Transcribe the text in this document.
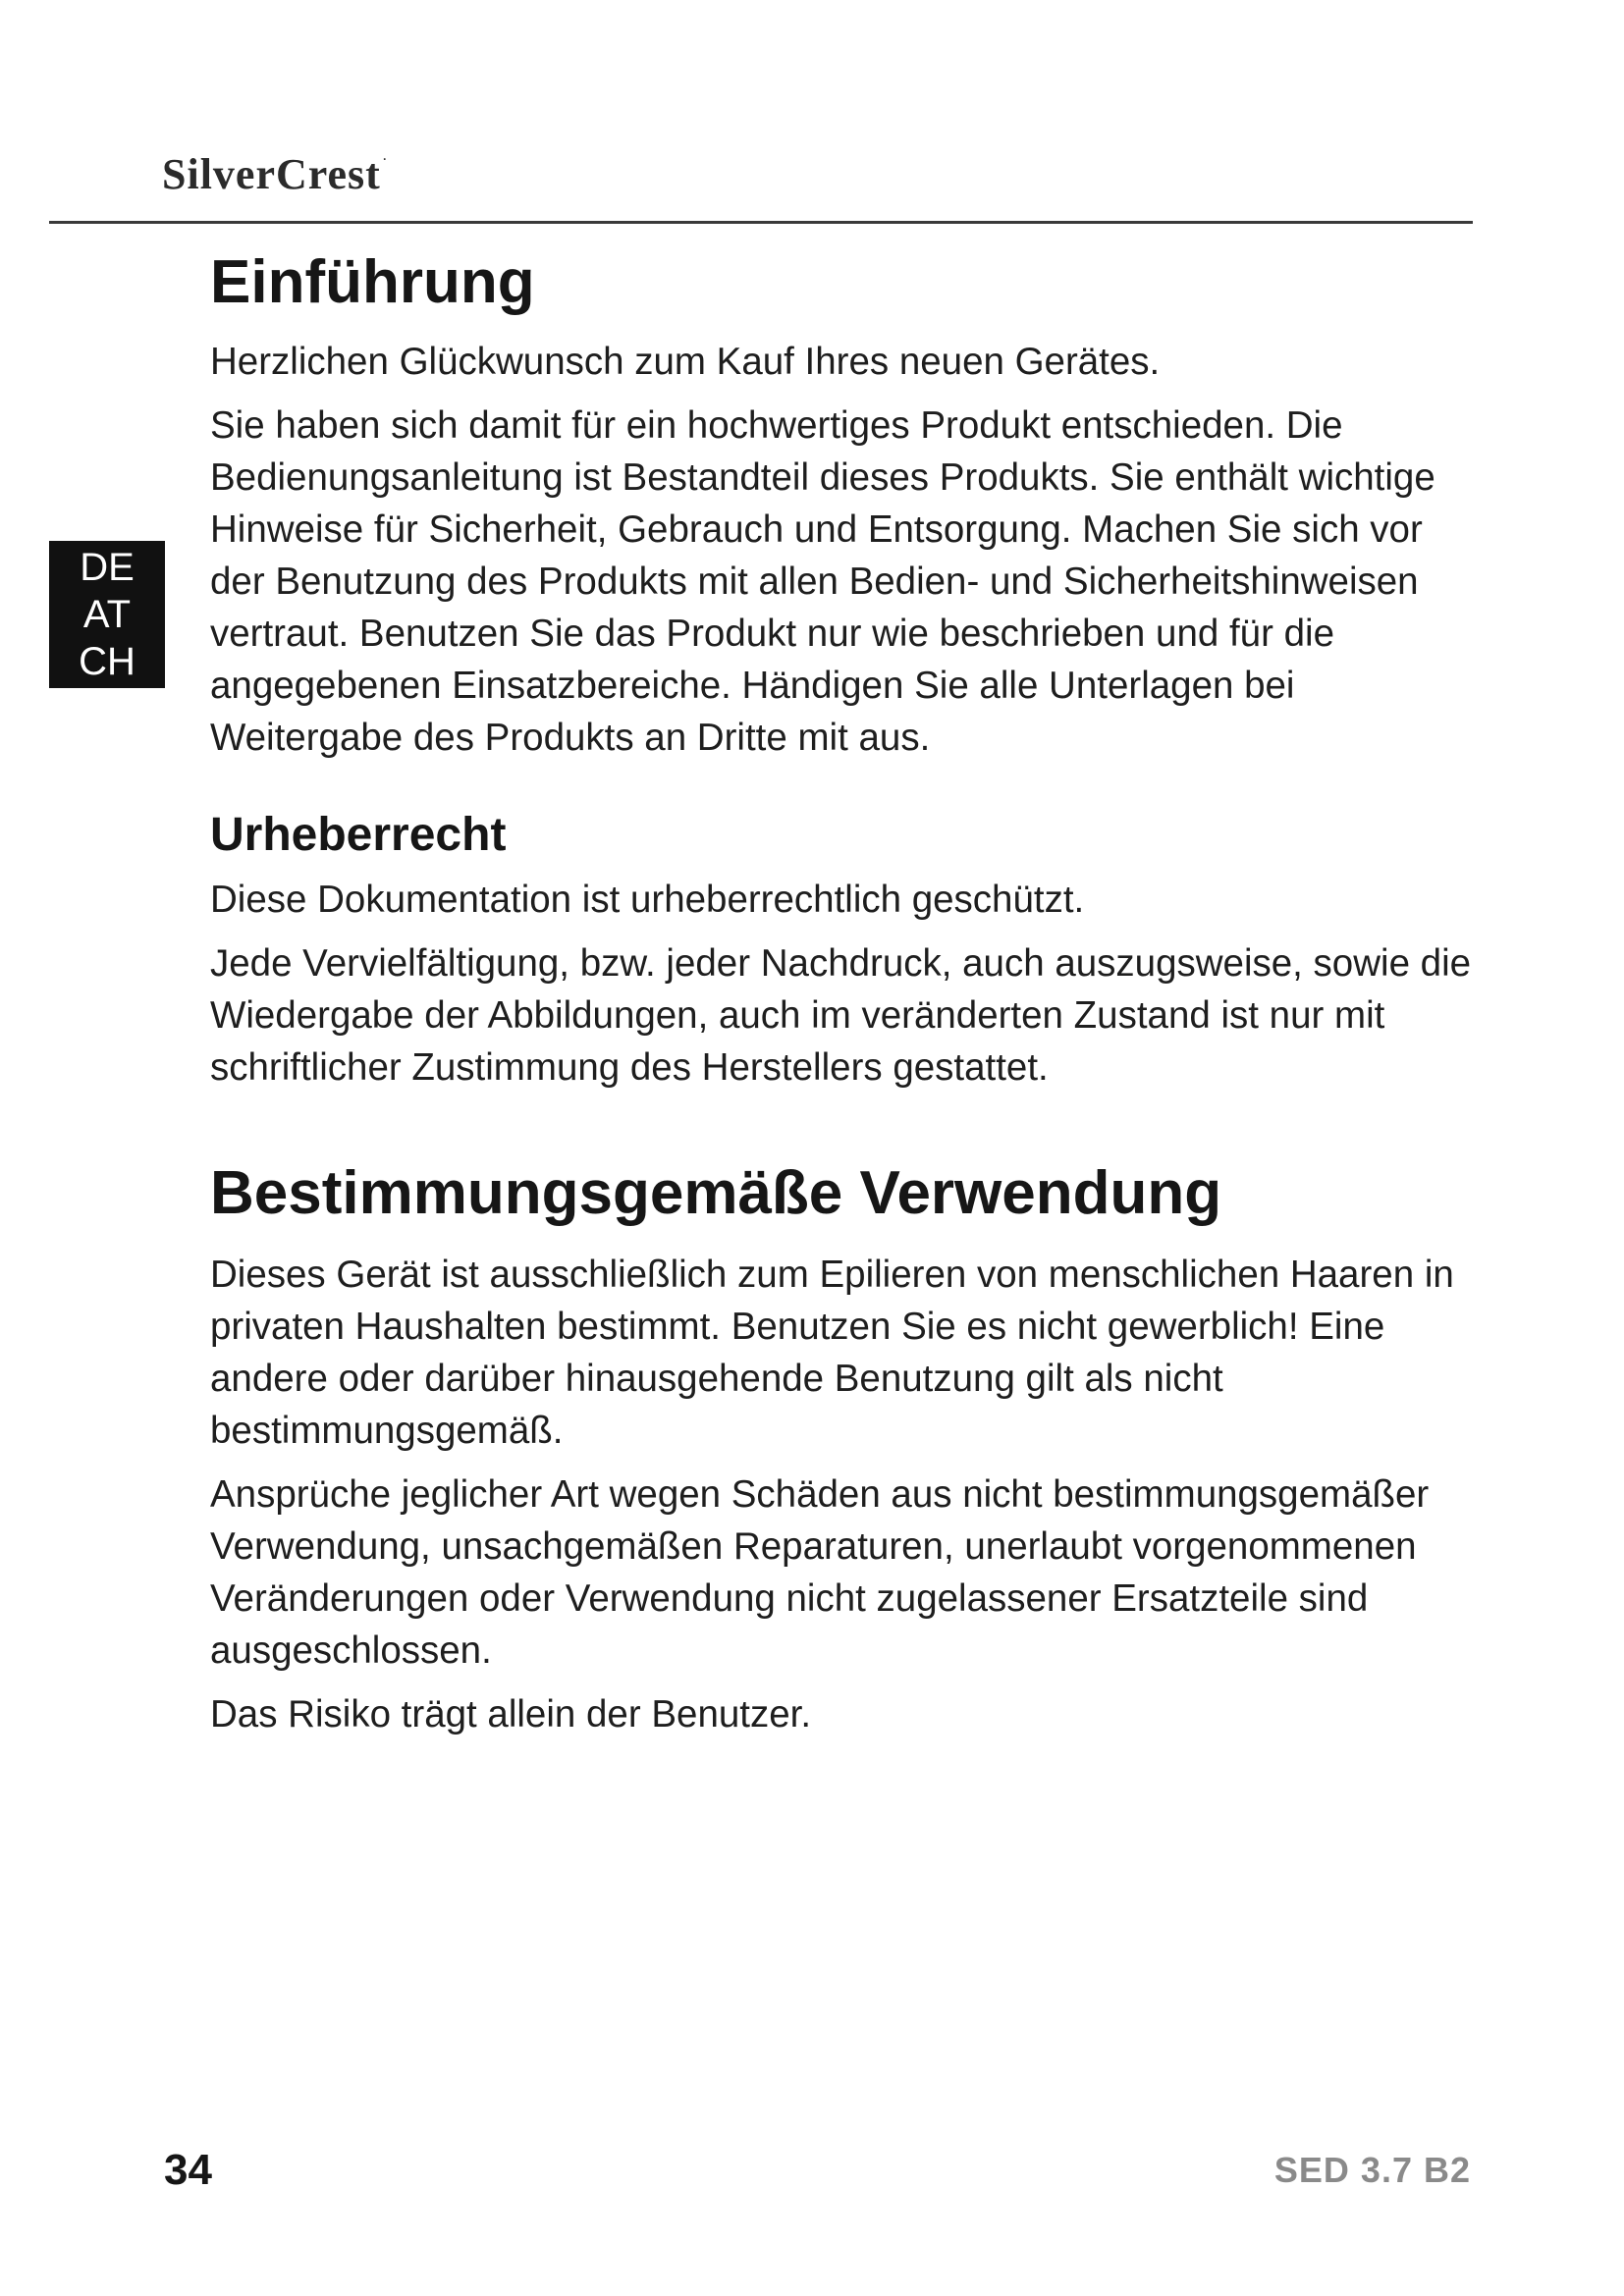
SilverCrest ·
DE
AT
CH
Einführung

Herzlichen Glückwunsch zum Kauf Ihres neuen Gerätes.

Sie haben sich damit für ein hochwertiges Produkt entschieden. Die Bedienungsanleitung ist Bestandteil dieses Produkts. Sie enthält wichtige Hinweise für Sicherheit, Gebrauch und Entsorgung. Machen Sie sich vor der Benutzung des Produkts mit allen Bedien- und Sicherheitshinweisen vertraut. Benutzen Sie das Produkt nur wie beschrieben und für die angegebenen Einsatzbereiche. Händigen Sie alle Unterlagen bei Weitergabe des Produkts an Dritte mit aus.

Urheberrecht

Diese Dokumentation ist urheberrechtlich geschützt.

Jede Vervielfältigung, bzw. jeder Nachdruck, auch auszugsweise, sowie die Wiedergabe der Abbildungen, auch im veränderten Zustand ist nur mit schriftlicher Zustimmung des Herstellers gestattet.

Bestimmungsgemäße Verwendung

Dieses Gerät ist ausschließlich zum Epilieren von menschlichen Haaren in privaten Haushalten bestimmt. Benutzen Sie es nicht gewerblich! Eine andere oder darüber hinausgehende Benutzung gilt als nicht bestimmungsgemäß.

Ansprüche jeglicher Art wegen Schäden aus nicht bestimmungsgemäßer Verwendung, unsachgemäßen Reparaturen, unerlaubt vorgenommenen Veränderungen oder Verwendung nicht zugelassener Ersatzteile sind ausgeschlossen.

Das Risiko trägt allein der Benutzer.

34	SED 3.7 B2
